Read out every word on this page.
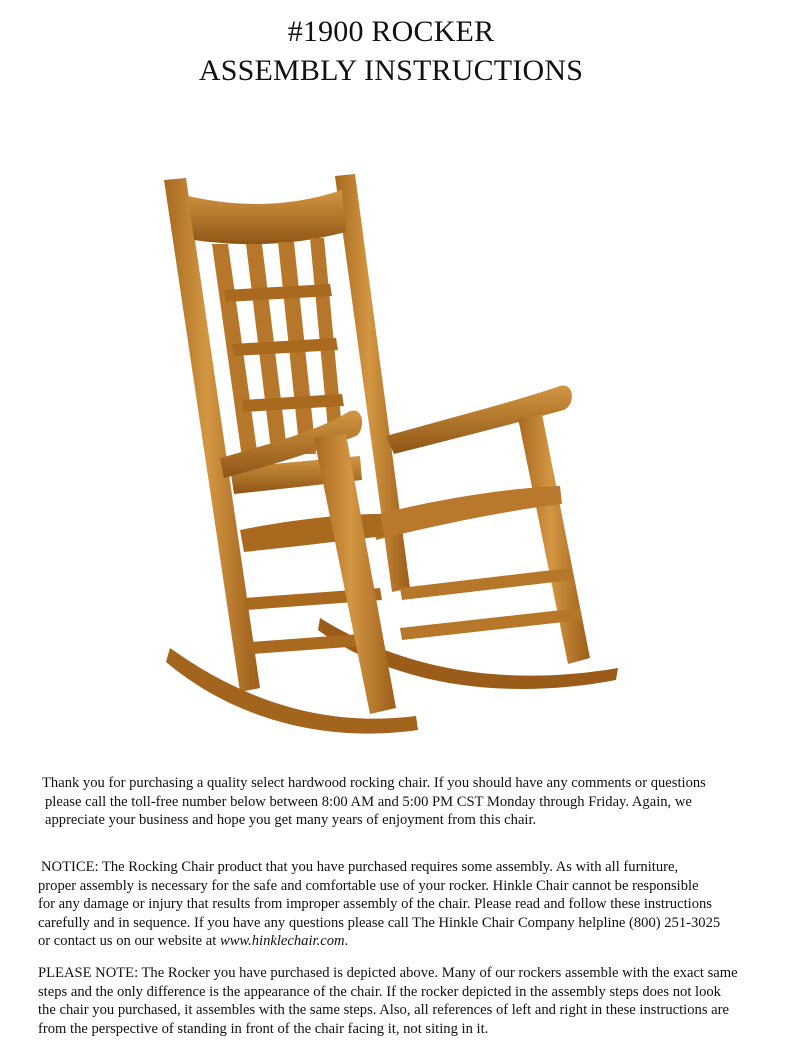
#1900 ROCKER
ASSEMBLY INSTRUCTIONS
Thank you for purchasing a quality select hardwood rocking chair. If you should have any comments or questions
please call the toll-free number below between 8:00 AM and 5:00 PM CST Monday through Friday. Again, we
appreciate your business and hope you get many years of enjoyment from this chair.
NOTICE: The Rocking Chair product that you have purchased requires some assembly. As with all furniture,
proper assembly is necessary for the safe and comfortable use of your rocker. Hinkle Chair cannot be responsible
for any damage or injury that results from improper assembly of the chair. Please read and follow these instructions
carefully and in sequence. If you have any questions please call The Hinkle Chair Company helpline (800) 251-3025
or contact us on our website at www.hinklechair.com.
PLEASE NOTE: The Rocker you have purchased is depicted above. Many of our rockers assemble with the exact same
steps and the only difference is the appearance of the chair. If the rocker depicted in the assembly steps does not look
the chair you purchased, it assembles with the same steps. Also, all references of left and right in these instructions are
from the perspective of standing in front of the chair facing it, not siting in it.
